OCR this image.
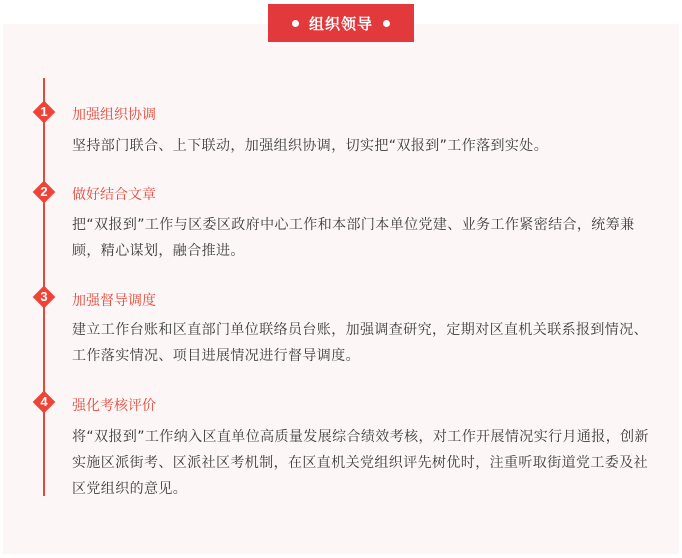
组织领导
1	加强组织协调
坚持部门联合、上下联动，加强组织协调，切实把“双报到”工作落到实处。
2	做好结合文章
把“双报到”工作与区委区政府中心工作和本部门本单位党建、业务工作紧密结合，统筹兼顾，精心谋划，融合推进。
3	加强督导调度
建立工作台账和区直部门单位联络员台账，加强调查研究，定期对区直机关联系报到情况、工作落实情况、项目进展情况进行督导调度。
4	强化考核评价
将“双报到”工作纳入区直单位高质量发展综合绩效考核，对工作开展情况实行月通报，创新实施区派街考、区派社区考机制，在区直机关党组织评先树优时，注重听取街道党工委及社区党组织的意见。
